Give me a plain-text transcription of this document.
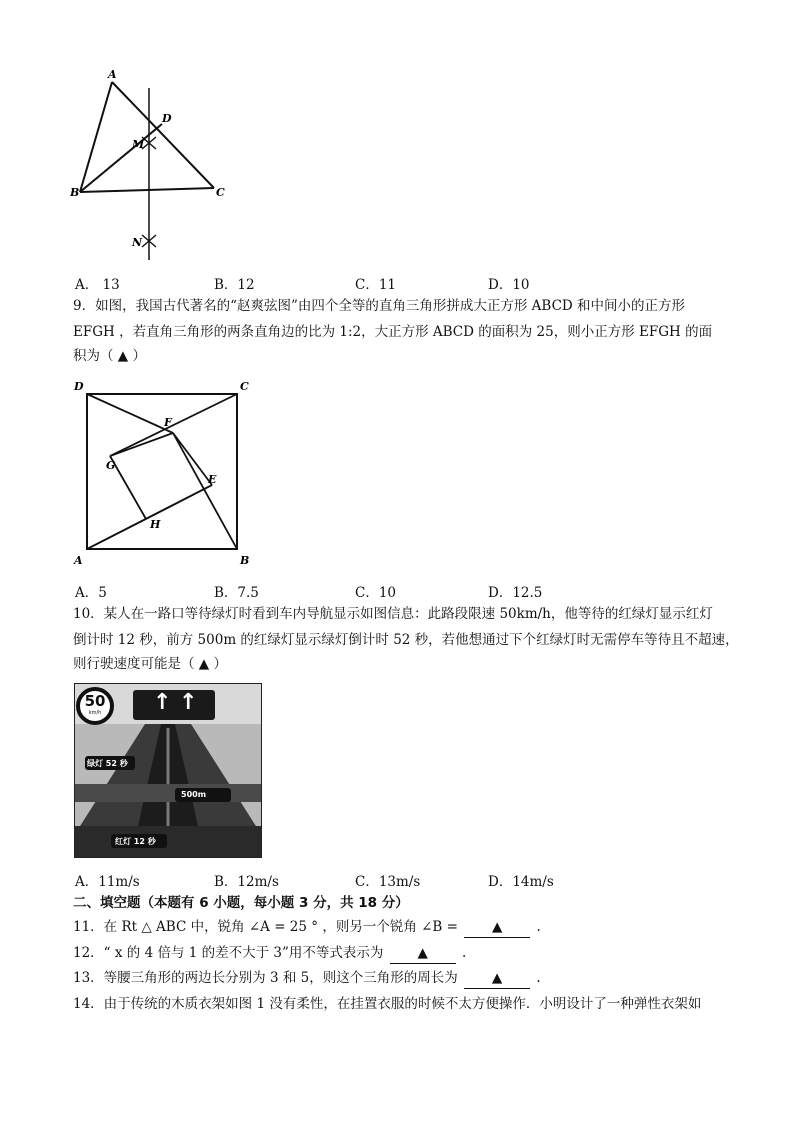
A
D
M
B	C
N
A． 13	B．12	C．11	D．10
9．如图，我国古代著名的“赵爽弦图”由四个全等的直角三角形拼成大正方形 ABCD 和中间小的正方形
EFGH ，若直角三角形的两条直角边的比为 1:2，大正方形 ABCD 的面积为 25，则小正方形 EFGH 的面
积为（ ▲ ）
D	C
F
G
E
H
A	B
A．5	B．7.5	C．10	D．12.5
10．某人在一路口等待绿灯时看到车内导航显示如图信息：此路段限速 50km/h，他等待的红绿灯显示红灯
倒计时 12 秒，前方 500m 的红绿灯显示绿灯倒计时 52 秒，若他想通过下个红绿灯时无需停车等待且不超速，
则行驶速度可能是（ ▲ ）
50
km/h ↑ ↑
绿灯 52 秒
500m
红灯 12 秒
A．11m/s	B．12m/s	C．13m/s	D．14m/s
二、填空题（本题有 6 小题，每小题 3 分，共 18 分）
11．在 Rt △ ABC 中，锐角 ∠A = 25 ° ，则另一个锐角 ∠B =	▲	.
12．“ x 的 4 倍与 1 的差不大于 3”用不等式表示为	▲	.
13．等腰三角形的两边长分别为 3 和 5，则这个三角形的周长为	▲	.
14．由于传统的木质衣架如图 1 没有柔性，在挂置衣服的时候不太方便操作．小明设计了一种弹性衣架如
